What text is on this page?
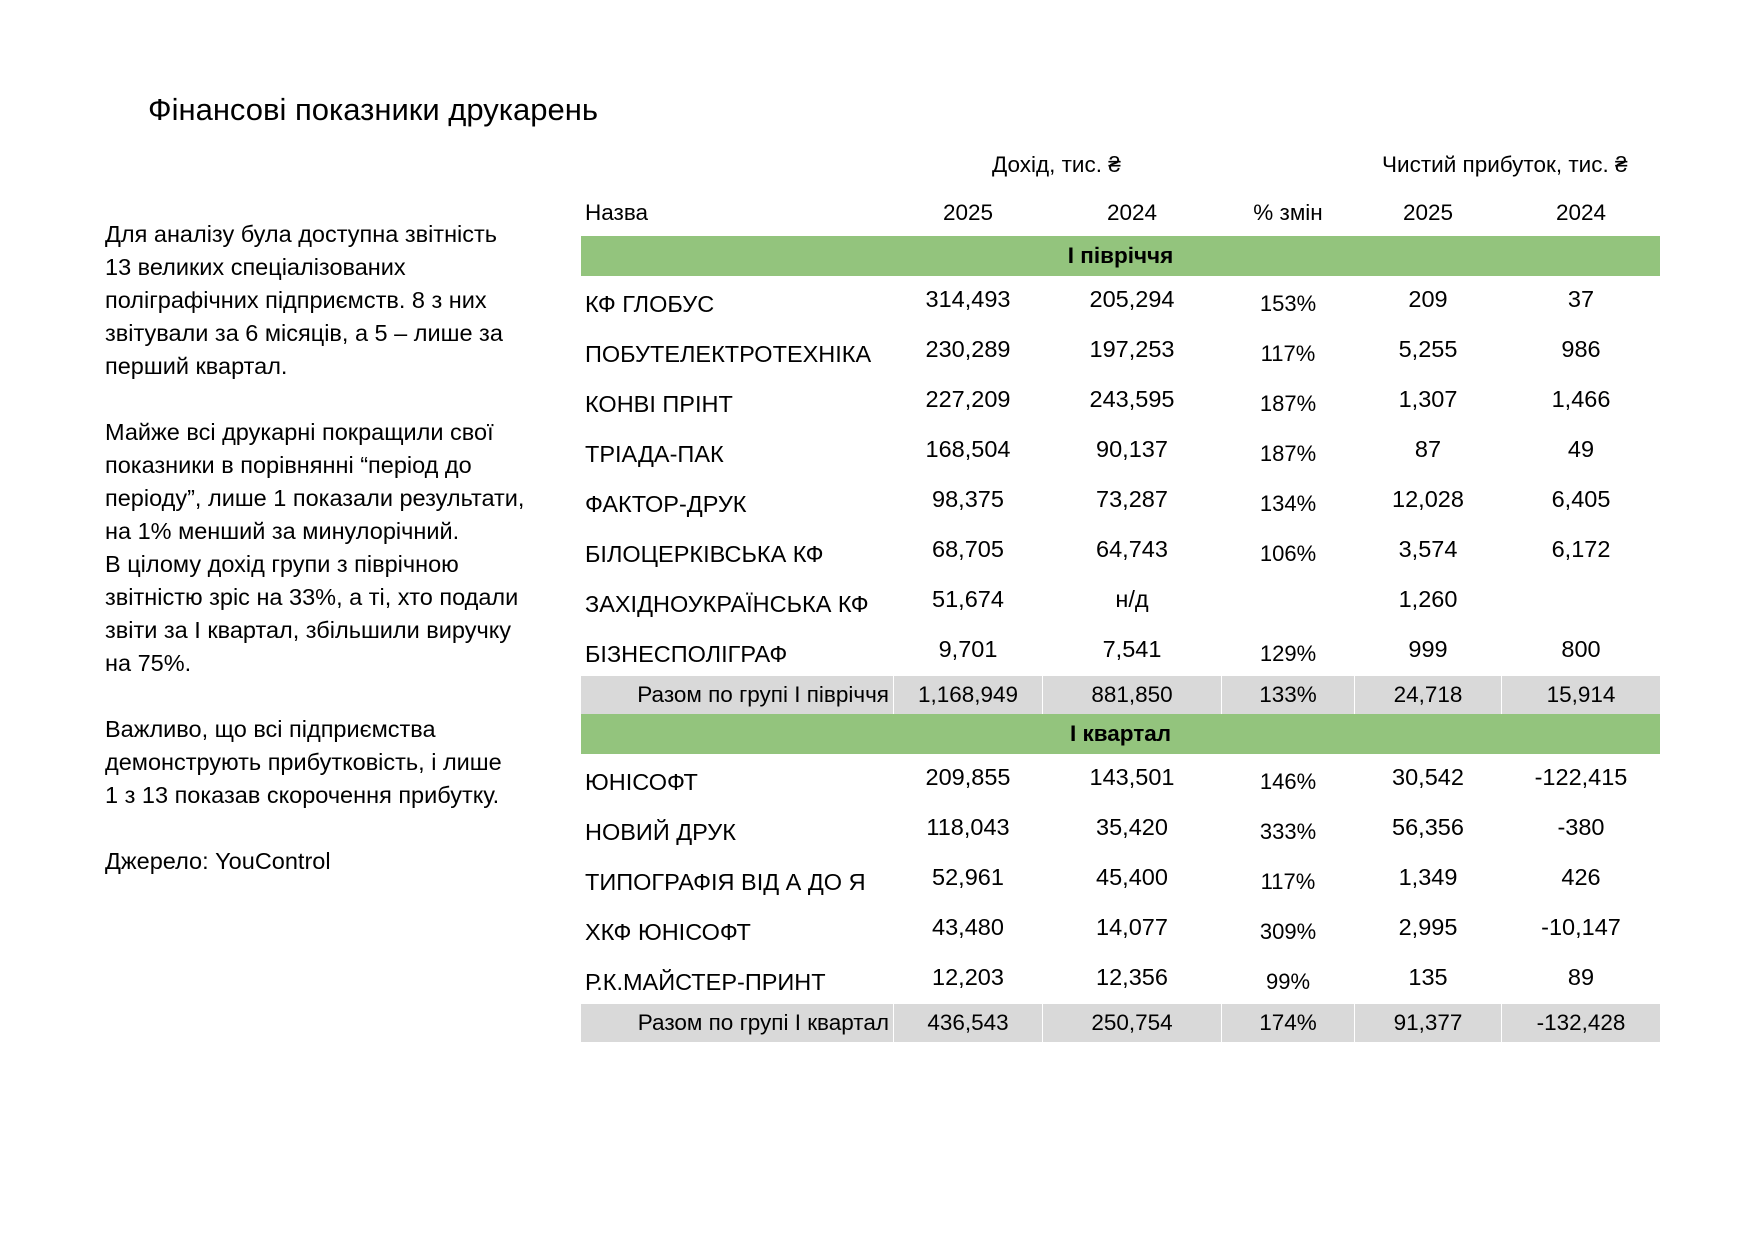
Фінансові показники друкарень

Для аналізу була доступна звітність
13 великих спеціалізованих
поліграфічних підприємств. 8 з них
звітували за 6 місяців, а 5 – лише за
перший квартал.

Майже всі друкарні покращили свої
показники в порівнянні “період до
періоду”, лише 1 показали результати,
на 1% менший за минулорічний.
В цілому дохід групи з піврічною
звітністю зріс на 33%, а ті, хто подали
звіти за I квартал, збільшили виручку
на 75%.

Важливо, що всі підприємства
демонструють прибутковість, і лише
1 з 13 показав скорочення прибутку.

Джерело: YouControl

Дохід, тис. ₴	Чистий прибуток, тис. ₴
Назва	2025	2024	% змін	2025	2024
I півріччя					
КФ ГЛОБУС	314,493	205,294	153%	209	37
ПОБУТЕЛЕКТРОТЕХНІКА	230,289	197,253	117%	5,255	986
КОНВІ ПРІНТ	227,209	243,595	187%	1,307	1,466
ТРІАДА-ПАК	168,504	90,137	187%	87	49
ФАКТОР-ДРУК	98,375	73,287	134%	12,028	6,405
БІЛОЦЕРКІВСЬКА КФ	68,705	64,743	106%	3,574	6,172
ЗАХІДНОУКРАЇНСЬКА КФ	51,674	н/д		1,260	
БІЗНЕСПОЛІГРАФ	9,701	7,541	129%	999	800
Разом по групі I півріччя	1,168,949	881,850	133%	24,718	15,914
I квартал					
ЮНІСОФТ	209,855	143,501	146%	30,542	-122,415
НОВИЙ ДРУК	118,043	35,420	333%	56,356	-380
ТИПОГРАФІЯ ВІД А ДО Я	52,961	45,400	117%	1,349	426
ХКФ ЮНІСОФТ	43,480	14,077	309%	2,995	-10,147
Р.К.МАЙСТЕР-ПРИНТ	12,203	12,356	99%	135	89
Разом по групі I квартал	436,543	250,754	174%	91,377	-132,428
